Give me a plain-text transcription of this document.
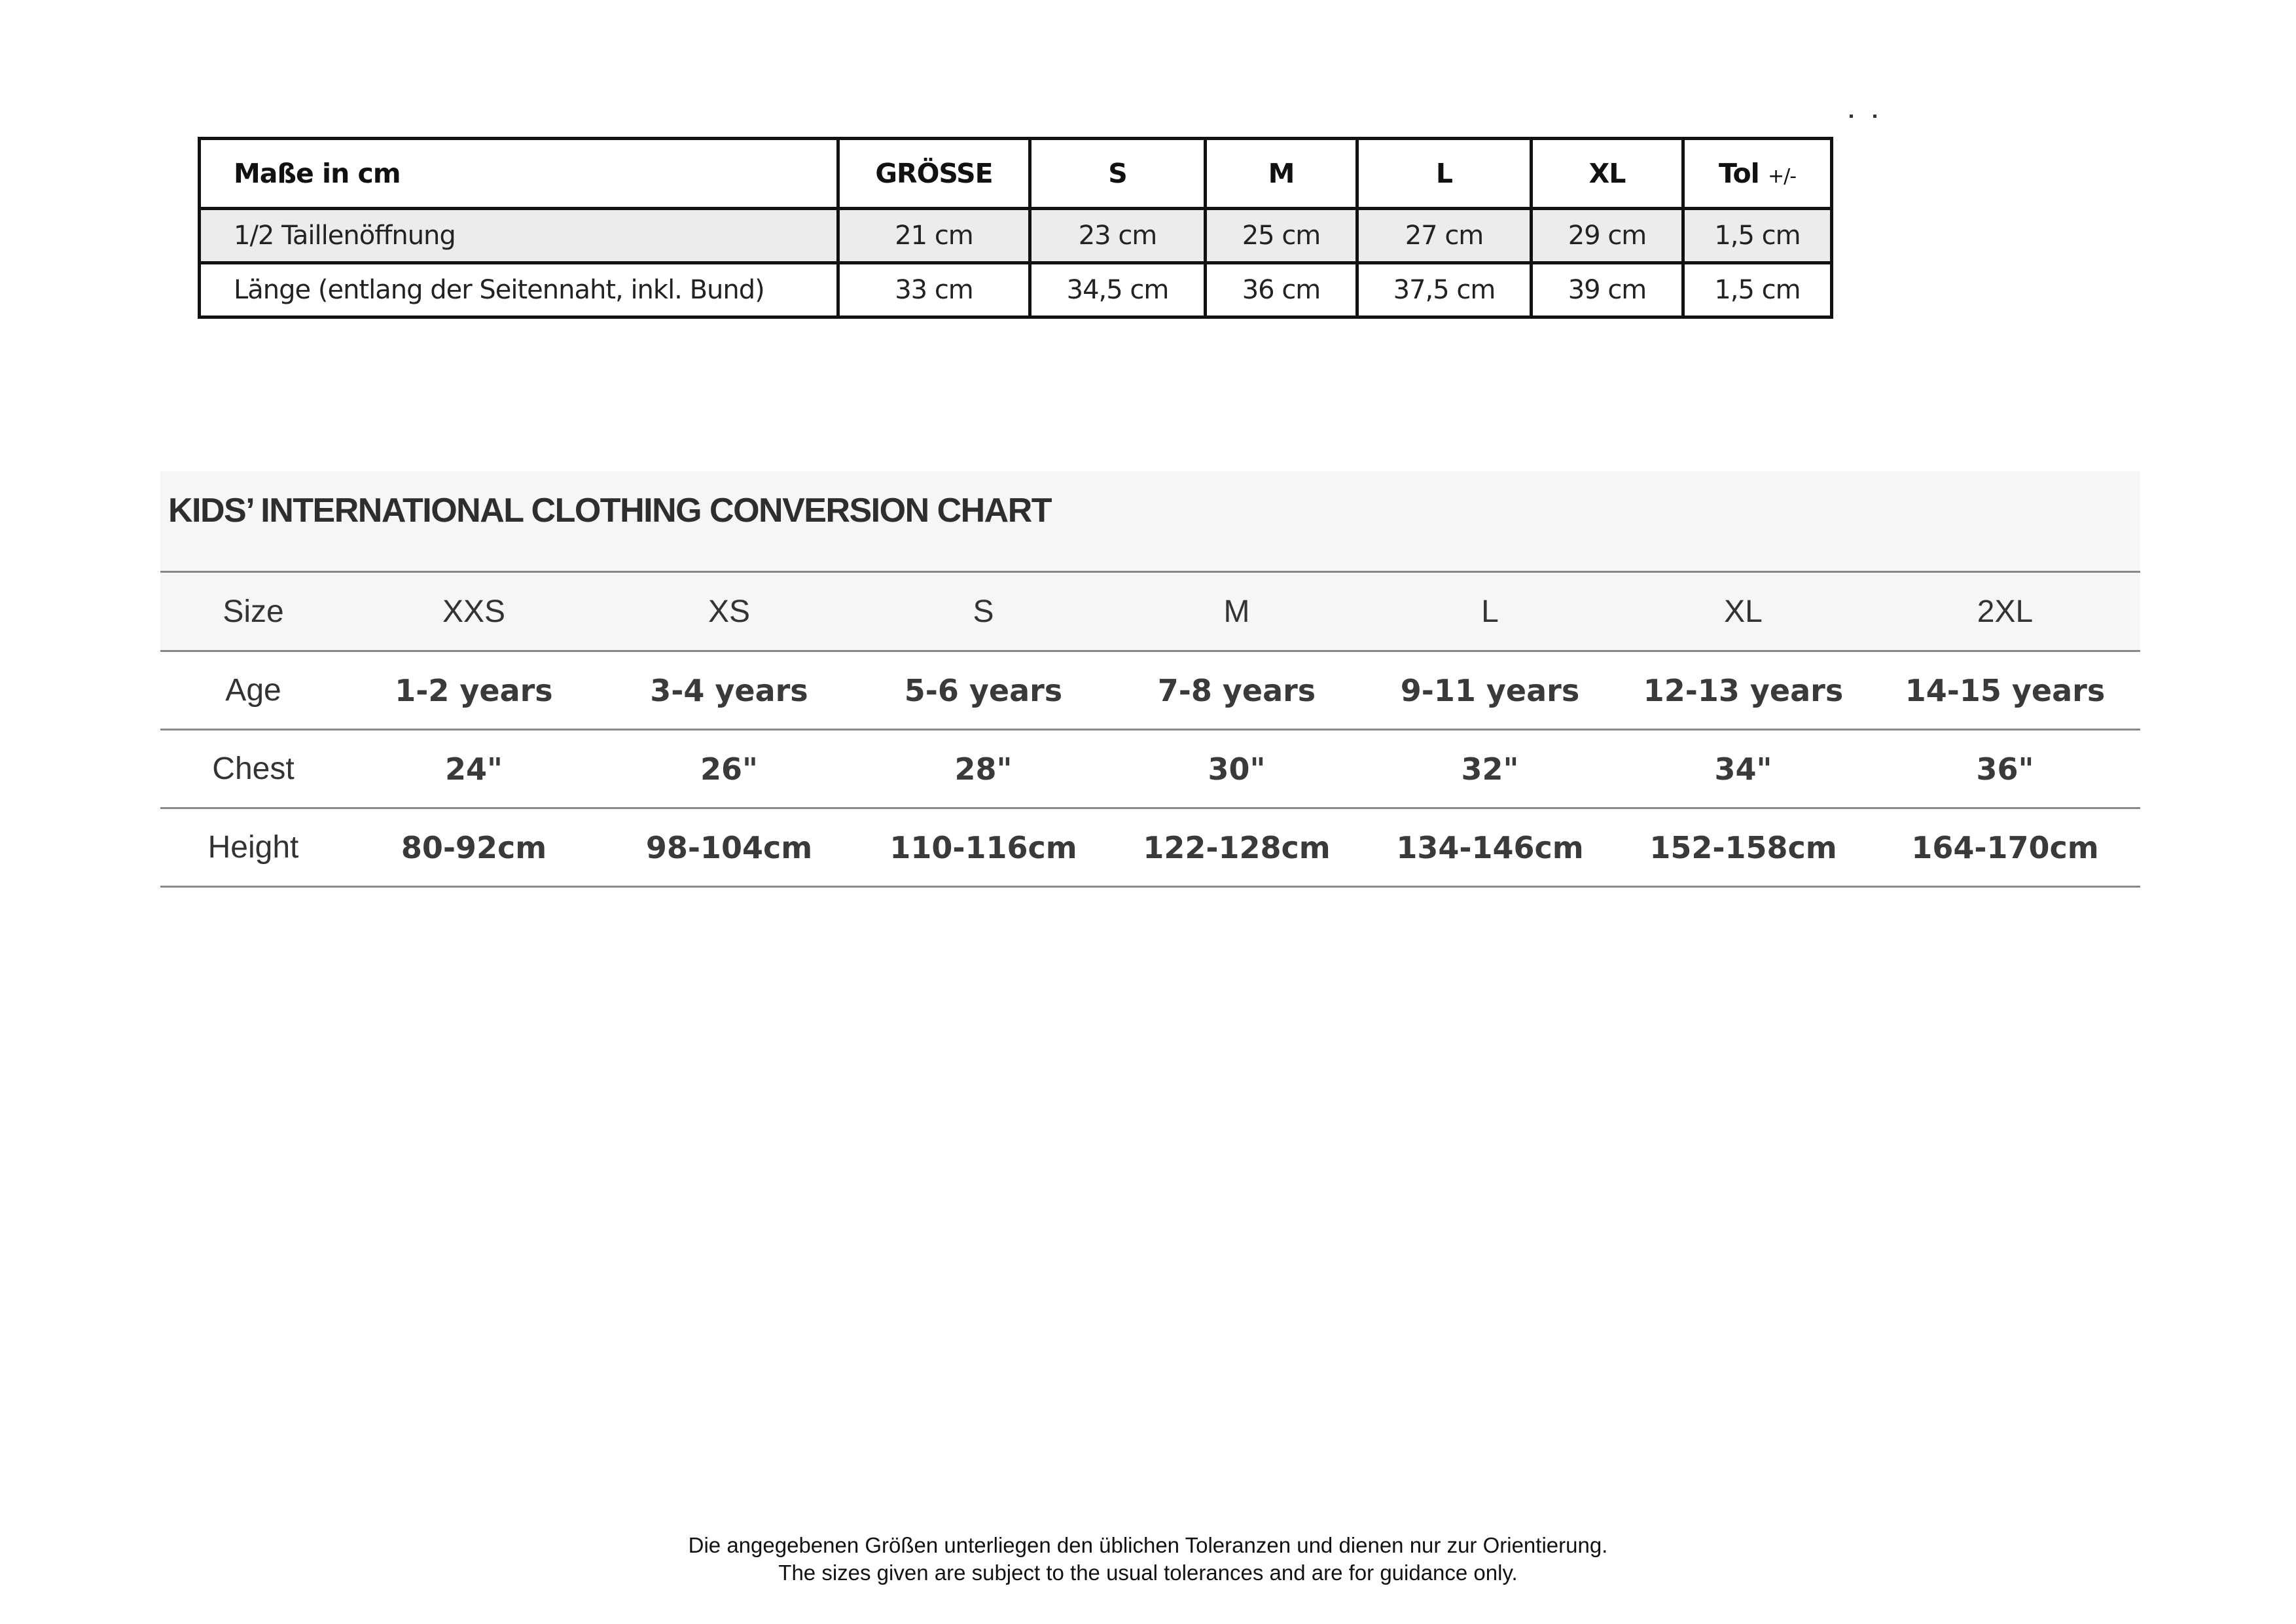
Maße in cm	GRÖSSE	S	M	L	XL	Tol +/-
1/2 Taillenöffnung	21 cm	23 cm	25 cm	27 cm	29 cm	1,5 cm
Länge (entlang der Seitennaht, inkl. Bund)	33 cm	34,5 cm	36 cm	37,5 cm	39 cm	1,5 cm
KIDS’ INTERNATIONAL CLOTHING CONVERSION CHART
Size	XXS	XS	S	M	L	XL	2XL
Age	1-2 years	3-4 years	5-6 years	7-8 years	9-11 years	12-13 years	14-15 years
Chest	24"	26"	28"	30"	32"	34"	36"
Height	80-92cm	98-104cm	110-116cm	122-128cm	134-146cm	152-158cm	164-170cm
Die angegebenen Größen unterliegen den üblichen Toleranzen und dienen nur zur Orientierung.
The sizes given are subject to the usual tolerances and are for guidance only.
